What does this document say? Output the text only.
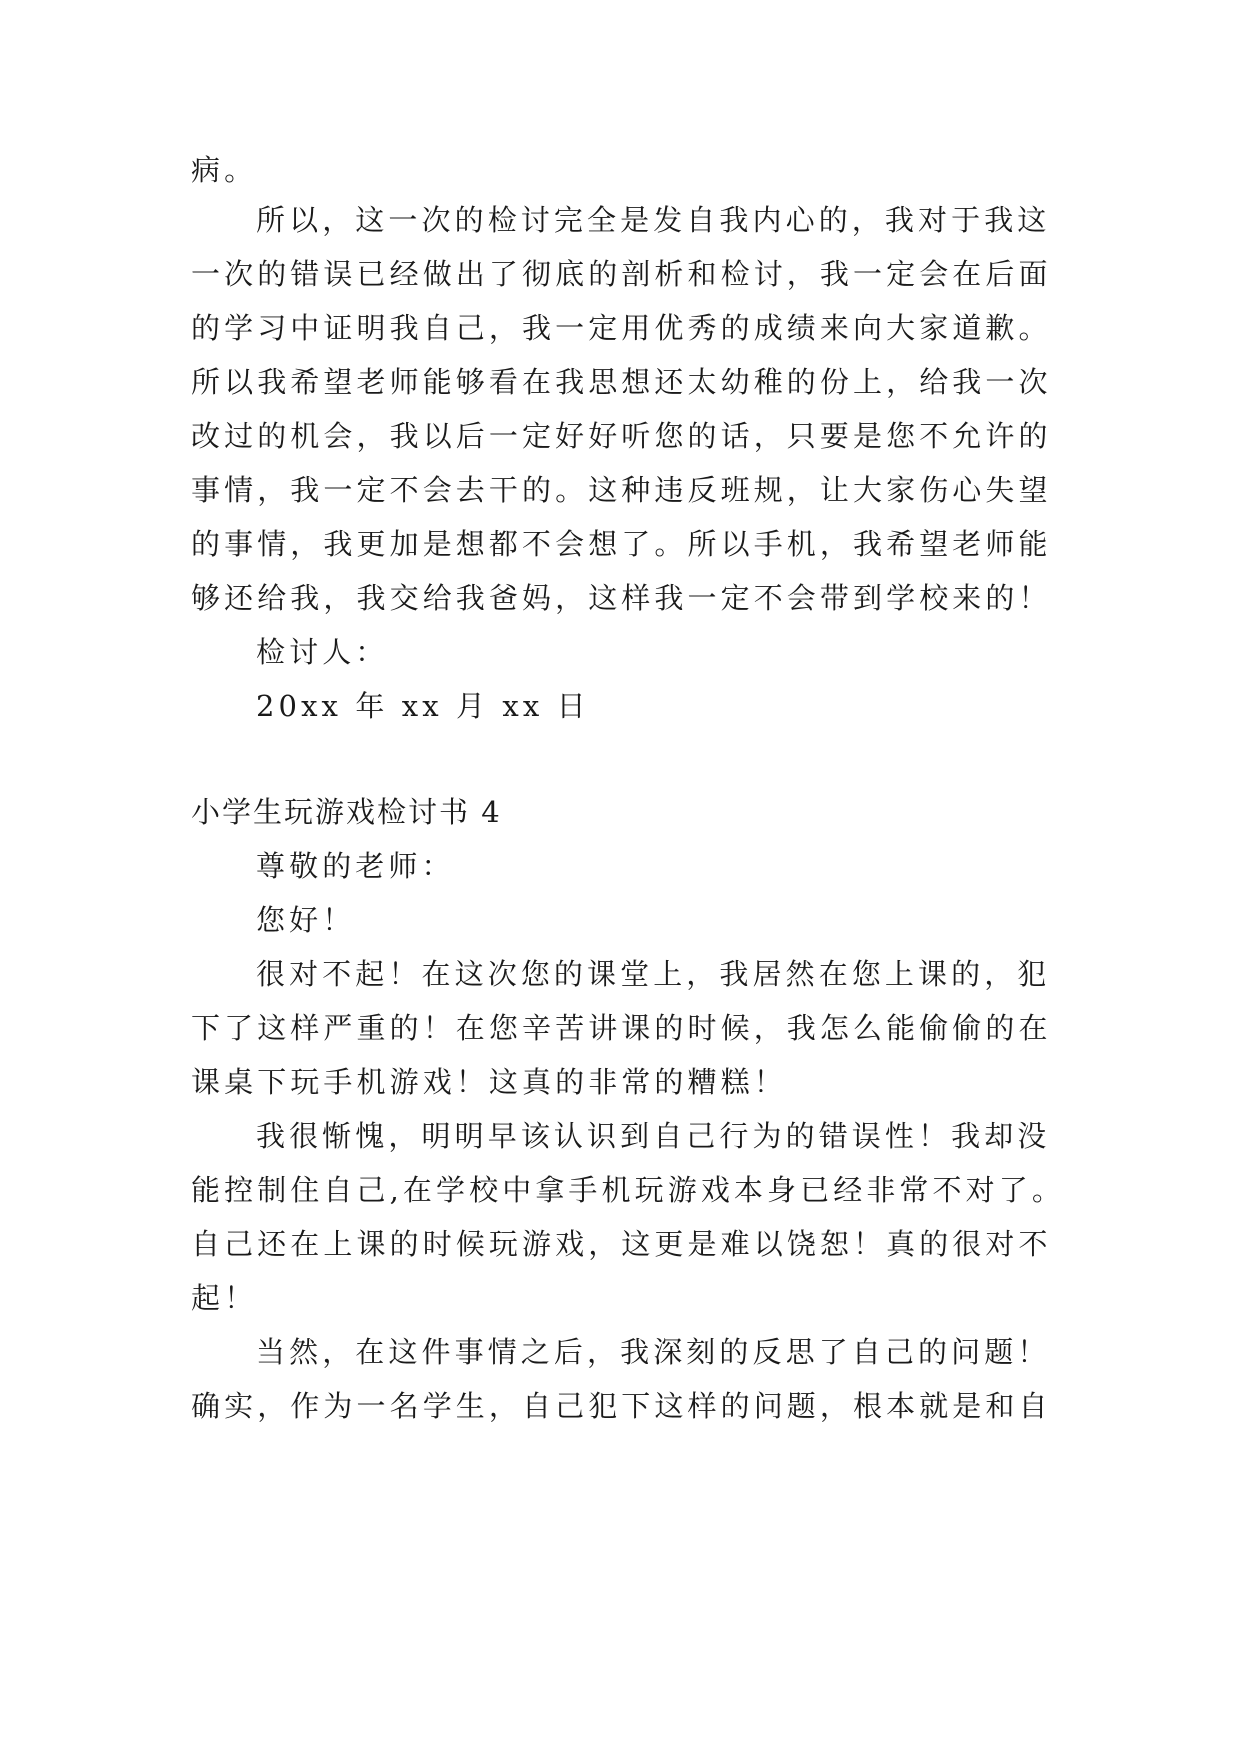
病。
所以，这一次的检讨完全是发自我内心的，我对于我这
一次的错误已经做出了彻底的剖析和检讨，我一定会在后面
的学习中证明我自己，我一定用优秀的成绩来向大家道歉。
所以我希望老师能够看在我思想还太幼稚的份上，给我一次
改过的机会，我以后一定好好听您的话，只要是您不允许的
事情，我一定不会去干的。这种违反班规，让大家伤心失望
的事情，我更加是想都不会想了。所以手机，我希望老师能
够还给我，我交给我爸妈，这样我一定不会带到学校来的！
检讨人：
20xx 年 xx 月 xx 日
小学生玩游戏检讨书 4
尊敬的老师：
您好！
很对不起！在这次您的课堂上，我居然在您上课的，犯
下了这样严重的！在您辛苦讲课的时候，我怎么能偷偷的在
课桌下玩手机游戏！这真的非常的糟糕！
我很惭愧，明明早该认识到自己行为的错误性！我却没
能控制住自己,在学校中拿手机玩游戏本身已经非常不对了。
自己还在上课的时候玩游戏，这更是难以饶恕！真的很对不
起！
当然，在这件事情之后，我深刻的反思了自己的问题！
确实，作为一名学生，自己犯下这样的问题，根本就是和自
